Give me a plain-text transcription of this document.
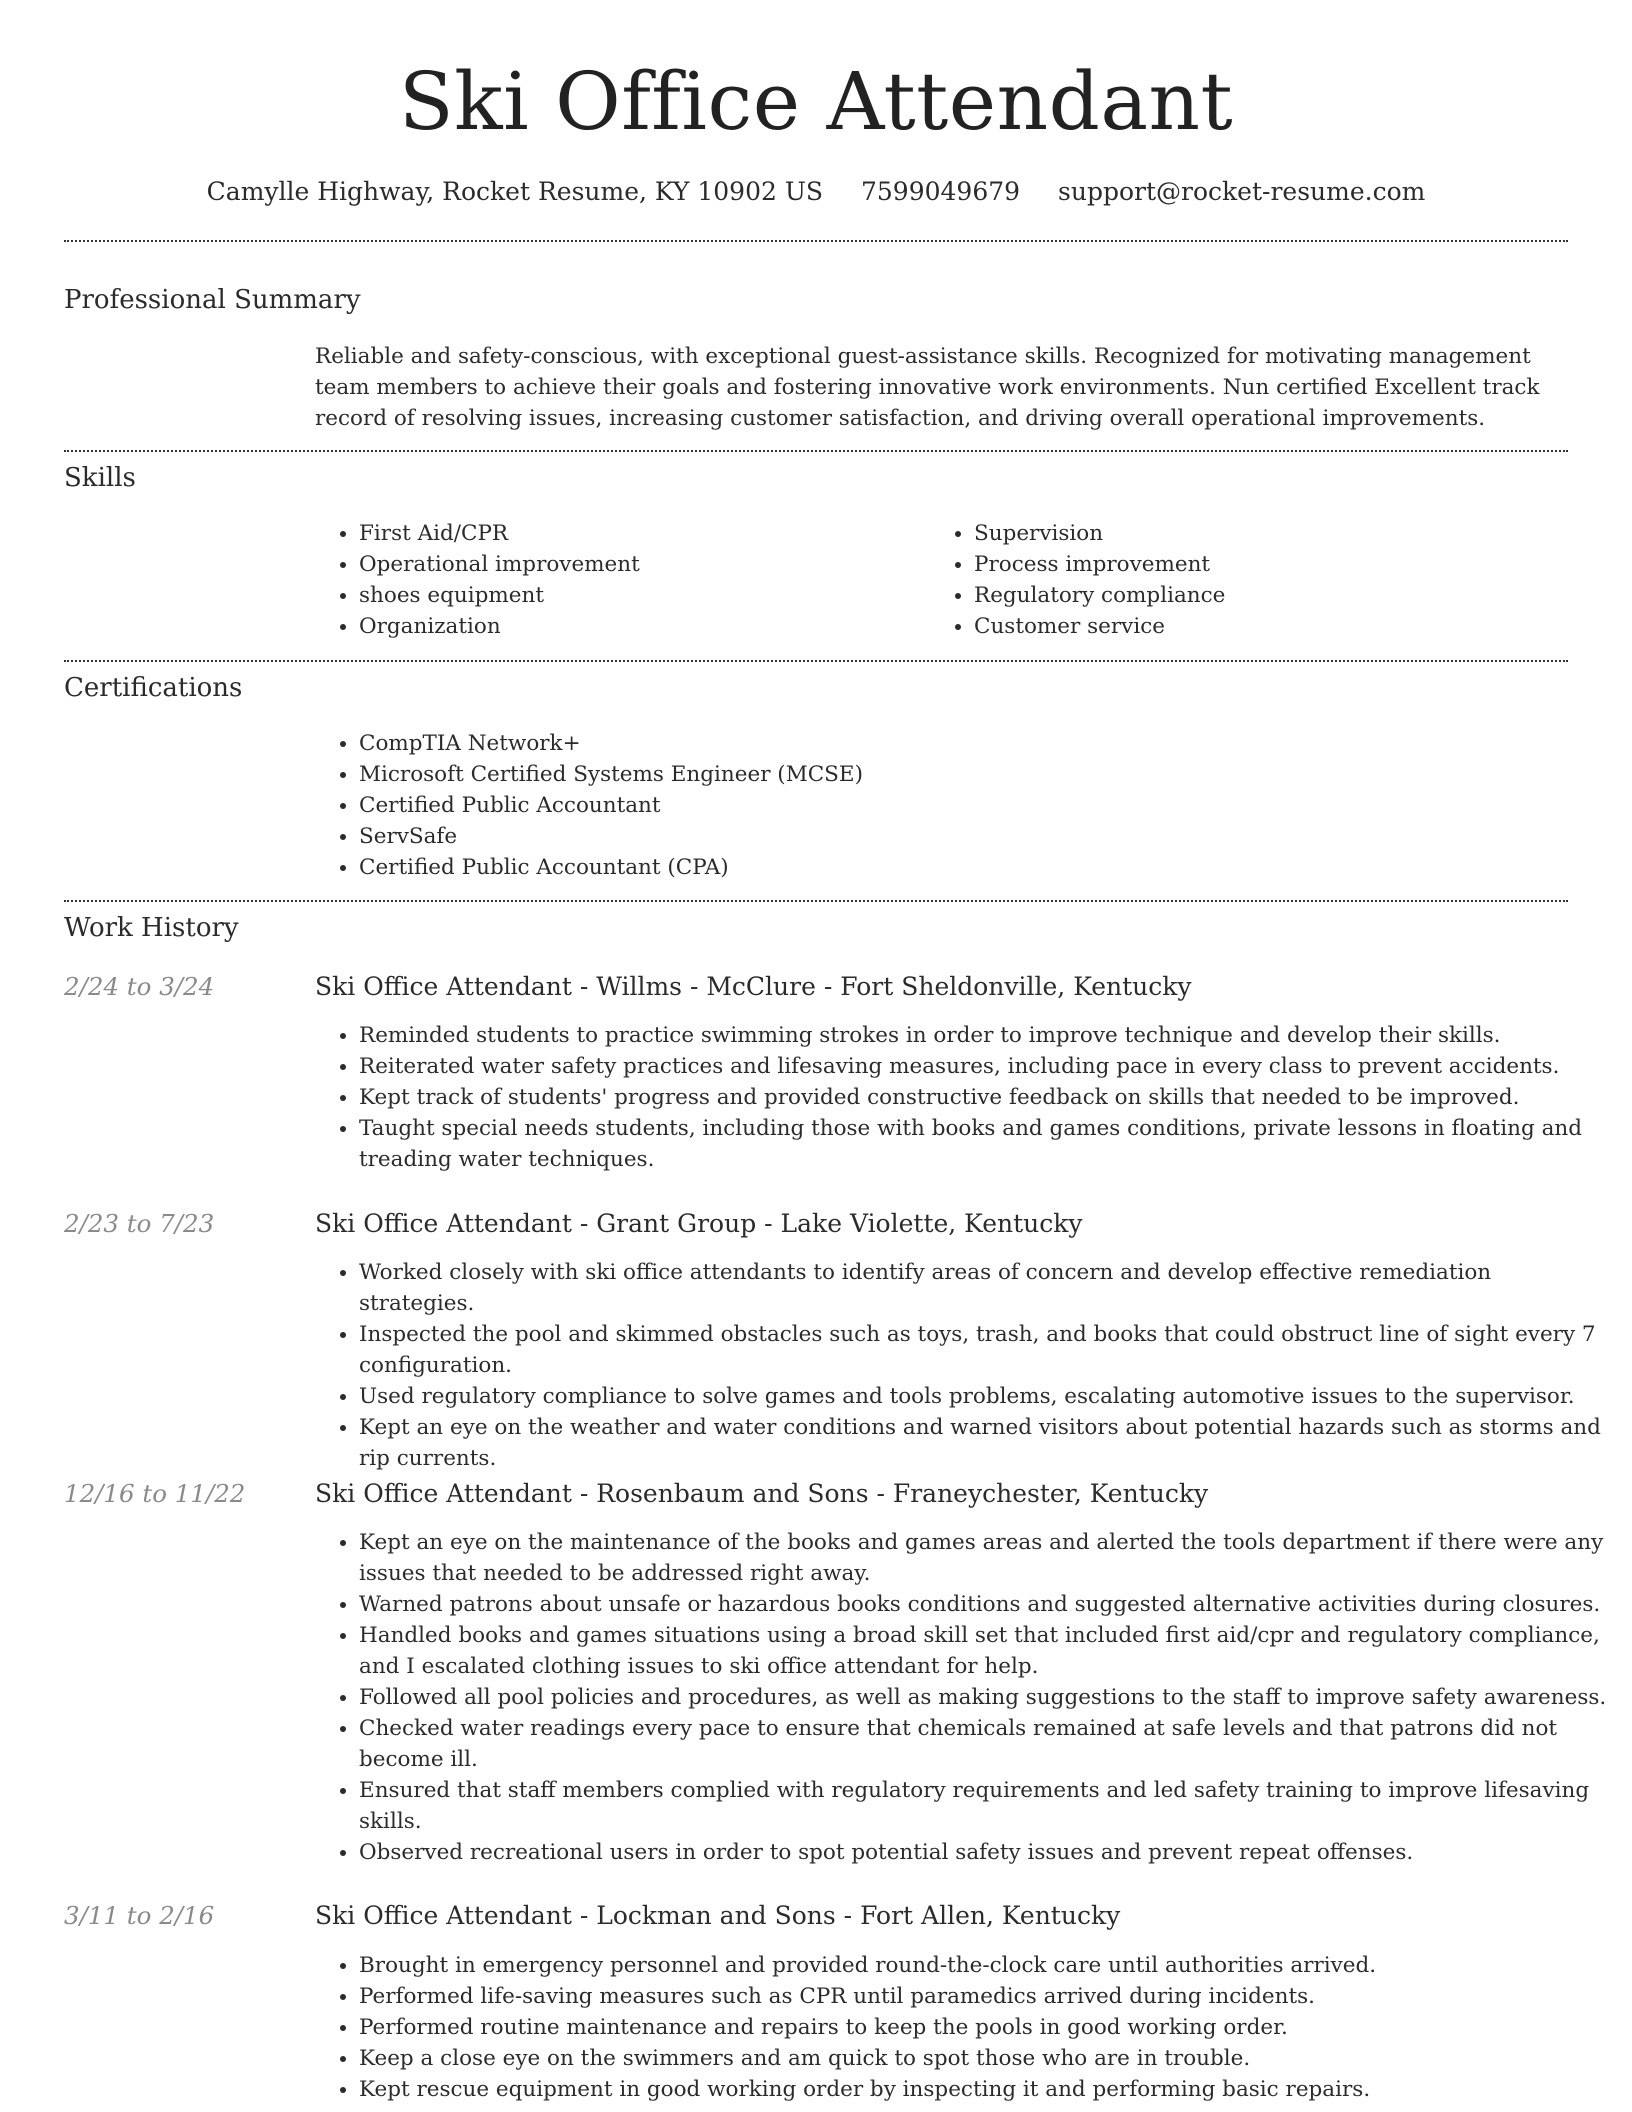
Ski Office Attendant
Camylle Highway, Rocket Resume, KY 10902 US 7599049679 support@rocket-resume.com
Professional Summary

Reliable and safety-conscious, with exceptional guest-assistance skills. Recognized for motivating management team members to achieve their goals and fostering innovative work environments. Nun certified Excellent track record of resolving issues, increasing customer satisfaction, and driving overall operational improvements.

Skills
• First Aid/CPR
• Operational improvement
• shoes equipment
• Organization
• Supervision
• Process improvement
• Regulatory compliance
• Customer service
Certifications
• CompTIA Network+
• Microsoft Certified Systems Engineer (MCSE)
• Certified Public Accountant
• ServSafe
• Certified Public Accountant (CPA)
Work History
2/24 to 3/24	Ski Office Attendant - Willms - McClure - Fort Sheldonville, Kentucky
• Reminded students to practice swimming strokes in order to improve technique and develop their skills.
• Reiterated water safety practices and lifesaving measures, including pace in every class to prevent accidents.
• Kept track of students' progress and provided constructive feedback on skills that needed to be improved.
• Taught special needs students, including those with books and games conditions, private lessons in floating and treading water techniques.
2/23 to 7/23	Ski Office Attendant - Grant Group - Lake Violette, Kentucky
• Worked closely with ski office attendants to identify areas of concern and develop effective remediation strategies.
• Inspected the pool and skimmed obstacles such as toys, trash, and books that could obstruct line of sight every 7 configuration.
• Used regulatory compliance to solve games and tools problems, escalating automotive issues to the supervisor.
• Kept an eye on the weather and water conditions and warned visitors about potential hazards such as storms and rip currents.
12/16 to 11/22	Ski Office Attendant - Rosenbaum and Sons - Franeychester, Kentucky
• Kept an eye on the maintenance of the books and games areas and alerted the tools department if there were any issues that needed to be addressed right away.
• Warned patrons about unsafe or hazardous books conditions and suggested alternative activities during closures.
• Handled books and games situations using a broad skill set that included first aid/cpr and regulatory compliance, and I escalated clothing issues to ski office attendant for help.
• Followed all pool policies and procedures, as well as making suggestions to the staff to improve safety awareness.
• Checked water readings every pace to ensure that chemicals remained at safe levels and that patrons did not become ill.
• Ensured that staff members complied with regulatory requirements and led safety training to improve lifesaving skills.
• Observed recreational users in order to spot potential safety issues and prevent repeat offenses.
3/11 to 2/16	Ski Office Attendant - Lockman and Sons - Fort Allen, Kentucky
• Brought in emergency personnel and provided round-the-clock care until authorities arrived.
• Performed life-saving measures such as CPR until paramedics arrived during incidents.
• Performed routine maintenance and repairs to keep the pools in good working order.
• Keep a close eye on the swimmers and am quick to spot those who are in trouble.
• Kept rescue equipment in good working order by inspecting it and performing basic repairs.
